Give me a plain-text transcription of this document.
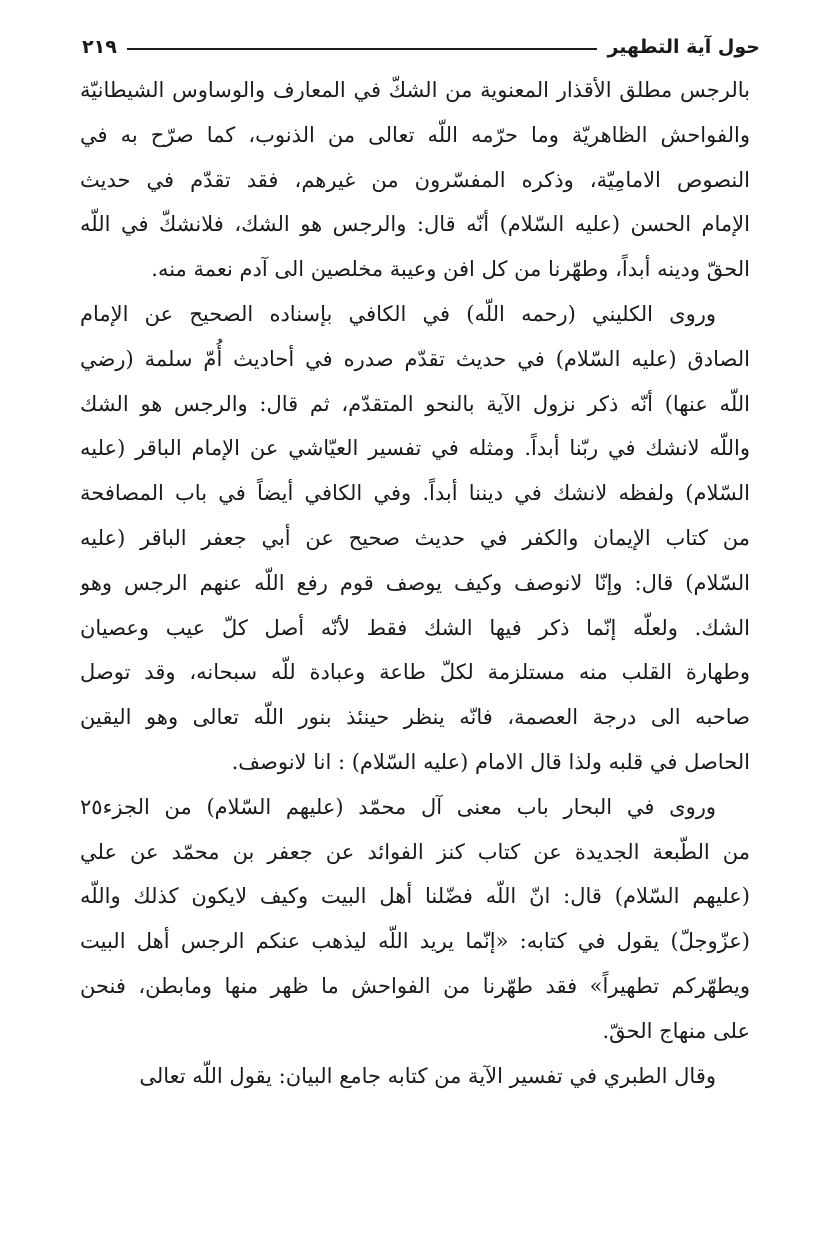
حول آية التطهير
٢١٩
بالرجس مطلق الأقذار المعنوية من الشكّ في المعارف والوساوس الشيطانيّة
والفواحش الظاهريّة وما حرّمه اللّه تعالى من الذنوب، كما صرّح به في
النصوص الامامِيّة، وذكره المفسّرون من غيرهم، فقد تقدّم في حديث
الإمام الحسن (عليه السّلام) أنّه قال: والرجس هو الشك، فلانشكّ في اللّه
الحقّ ودينه أبداً، وطهّرنا من كل افن وعيبة مخلصين الى آدم نعمة منه.
وروى الكليني (رحمه اللّه) في الكافي بإسناده الصحيح عن الإمام
الصادق (عليه السّلام) في حديث تقدّم صدره في أحاديث أُمّ سلمة (رضي
اللّه عنها) أنّه ذكر نزول الآية بالنحو المتقدّم، ثم قال: والرجس هو الشك
واللّه لانشك في ربّنا أبداً. ومثله في تفسير العيّاشي عن الإمام الباقر (عليه
السّلام) ولفظه لانشك في ديننا أبداً. وفي الكافي أيضاً في باب المصافحة
من كتاب الإيمان والكفر في حديث صحيح عن أبي جعفر الباقر (عليه
السّلام) قال: وإنّا لانوصف وكيف يوصف قوم رفع اللّه عنهم الرجس وهو
الشك. ولعلّه إنّما ذكر فيها الشك فقط لأنّه أصل كلّ عيب وعصيان
وطهارة القلب منه مستلزمة لكلّ طاعة وعبادة للّه سبحانه، وقد توصل
صاحبه الى درجة العصمة، فانّه ينظر حينئذ بنور اللّه تعالى وهو اليقين
الحاصل في قلبه ولذا قال الامام (عليه السّلام) : انا لانوصف.
وروى في البحار باب معنى آل محمّد (عليهم السّلام) من الجزء٢٥
من الطّبعة الجديدة عن كتاب كنز الفوائد عن جعفر بن محمّد عن علي
(عليهم السّلام) قال: انّ اللّه فضّلنا أهل البيت وكيف لايكون كذلك واللّه
(عزّوجلّ) يقول في كتابه: «إنّما يريد اللّه ليذهب عنكم الرجس أهل البيت
ويطهّركم تطهيراً» فقد طهّرنا من الفواحش ما ظهر منها ومابطن، فنحن
على منهاج الحقّ.
وقال الطبري في تفسير الآية من كتابه جامع البيان: يقول اللّه تعالى
